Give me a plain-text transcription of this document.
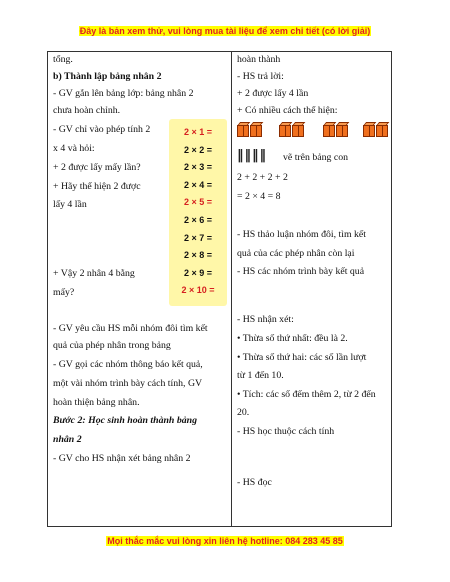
Đây là bản xem thử, vui lòng mua tài liệu để xem chi tiết (có lời giải)

tổng.

b) Thành lập bảng nhân 2

- GV gắn lên bảng lớp: bảng nhân 2

chưa hoàn chỉnh.

- GV chỉ vào phép tính 2

x 4 và hỏi:

+ 2 được lấy mấy lần?

+ Hãy thể hiện 2 được

lấy 4 lần

+ Vậy 2 nhân 4 bằng

mấy?

- GV yêu cầu HS mỗi nhóm đôi tìm kết

quả của phép nhân trong bảng

- GV gọi các nhóm thông báo kết quả,

một vài nhóm trình bày cách tính, GV

hoàn thiện bảng nhân.

Bước 2: Học sinh hoàn thành bảng

nhân 2

- GV cho HS nhận xét bảng nhân 2

2 × 1 =
2 × 2 =
2 × 3 =
2 × 4 =
2 × 5 =
2 × 6 =
2 × 7 =
2 × 8 =
2 × 9 =
2 × 10 =

hoàn thành

- HS trả lời:

+ 2 được lấy 4 lần

+ Có nhiều cách thể hiện:

‖‖‖‖ vẽ trên bảng con

2 + 2 + 2 + 2

= 2 × 4 = 8

- HS thảo luận nhóm đôi, tìm kết

quả của các phép nhân còn lại

- HS các nhóm trình bày kết quả

- HS nhận xét:

• Thừa số thứ nhất: đều là 2.

• Thừa số thứ hai: các số lần lượt

từ 1 đến 10.

• Tích: các số đếm thêm 2, từ 2 đến

20.

- HS học thuộc cách tính

- HS đọc

Mọi thắc mắc vui lòng xin liên hệ hotline: 084 283 45 85
